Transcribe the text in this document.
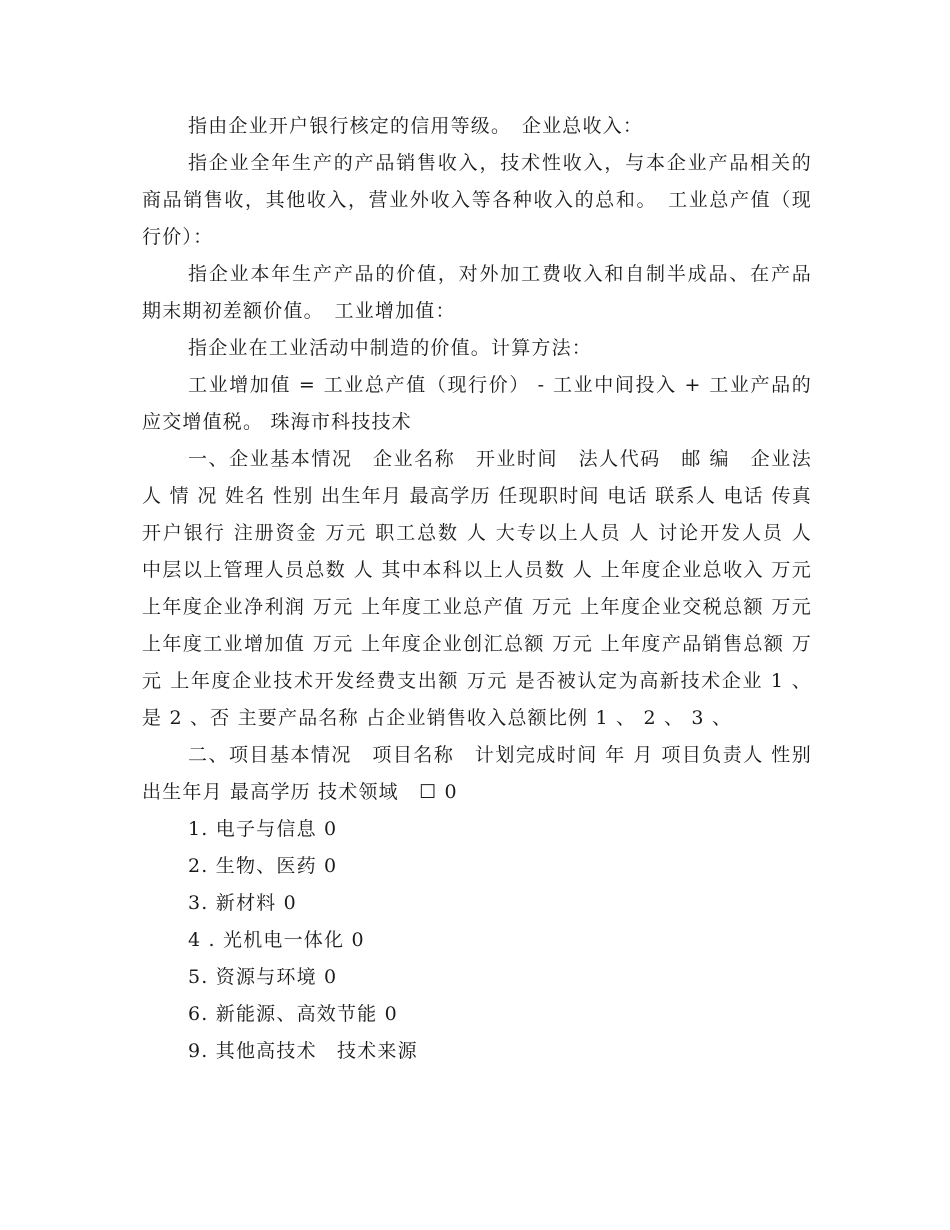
指由企业开户银行核定的信用等级。　企业总收入：

指企业全年生产的产品销售收入，技术性收入，与本企业产品相关的商品销售收，其他收入，营业外收入等各种收入的总和。　工业总产值（现行价）：

指企业本年生产产品的价值，对外加工费收入和自制半成品、在产品期末期初差额价值。　工业增加值：

指企业在工业活动中制造的价值。计算方法：

工业增加值 = 工业总产值（现行价） - 工业中间投入 + 工业产品的应交增值税。 珠海市科技技术

一、企业基本情况　企业名称　开业时间　法人代码　邮 编　企业法人 情 况 姓名 性别 出生年月 最高学历 任现职时间 电话 联系人 电话 传真 开户银行 注册资金 万元 职工总数 人 大专以上人员 人 讨论开发人员 人 中层以上管理人员总数 人 其中本科以上人员数 人 上年度企业总收入 万元 上年度企业净利润 万元 上年度工业总产值 万元 上年度企业交税总额 万元 上年度工业增加值 万元 上年度企业创汇总额 万元 上年度产品销售总额 万元 上年度企业技术开发经费支出额 万元 是否被认定为高新技术企业 1 、是 2 、否 主要产品名称 占企业销售收入总额比例 1 、 2 、 3 、

二、项目基本情况　项目名称　计划完成时间 年 月 项目负责人 性别　出生年月 最高学历 技术领域　☐ 0

1. 电子与信息 0

2. 生物、医药 0

3. 新材料 0

4 . 光机电一体化 0

5. 资源与环境 0

6. 新能源、高效节能 0

9. 其他高技术　技术来源
